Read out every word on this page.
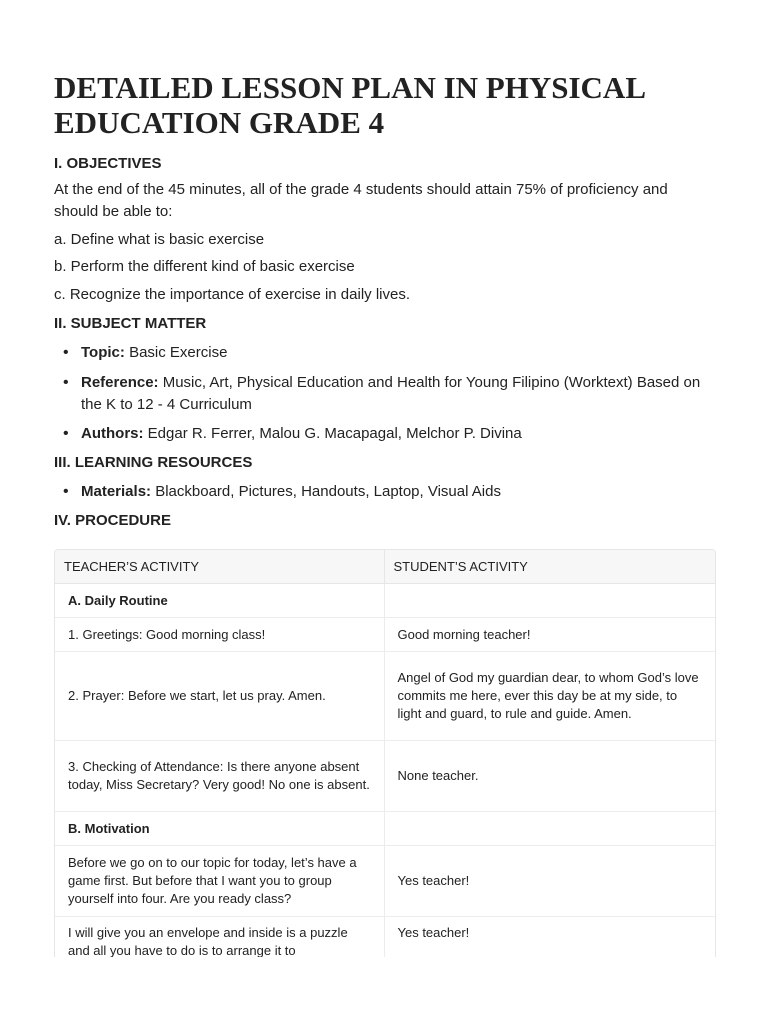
DETAILED LESSON PLAN IN PHYSICAL EDUCATION GRADE 4
I. OBJECTIVES
At the end of the 45 minutes, all of the grade 4 students should attain 75% of proficiency and should be able to:
a. Define what is basic exercise
b. Perform the different kind of basic exercise
c. Recognize the importance of exercise in daily lives.
II. SUBJECT MATTER
• Topic: Basic Exercise
• Reference: Music, Art, Physical Education and Health for Young Filipino (Worktext) Based on the K to 12 - 4 Curriculum
• Authors: Edgar R. Ferrer, Malou G. Macapagal, Melchor P. Divina
III. LEARNING RESOURCES
• Materials: Blackboard, Pictures, Handouts, Laptop, Visual Aids
IV. PROCEDURE
TEACHER’S ACTIVITY	STUDENT’S ACTIVITY
A. Daily Routine	
1. Greetings: Good morning class!	Good morning teacher!
2. Prayer: Before we start, let us pray. Amen.	Angel of God my guardian dear, to whom God’s love commits me here, ever this day be at my side, to light and guard, to rule and guide. Amen.
3. Checking of Attendance: Is there anyone absent today, Miss Secretary? Very good! No one is absent.	None teacher.
B. Motivation	
Before we go on to our topic for today, let’s have a game first. But before that I want you to group yourself into four. Are you ready class?	Yes teacher!
I will give you an envelope and inside is a puzzle and all you have to do is to arrange it to	Yes teacher!
